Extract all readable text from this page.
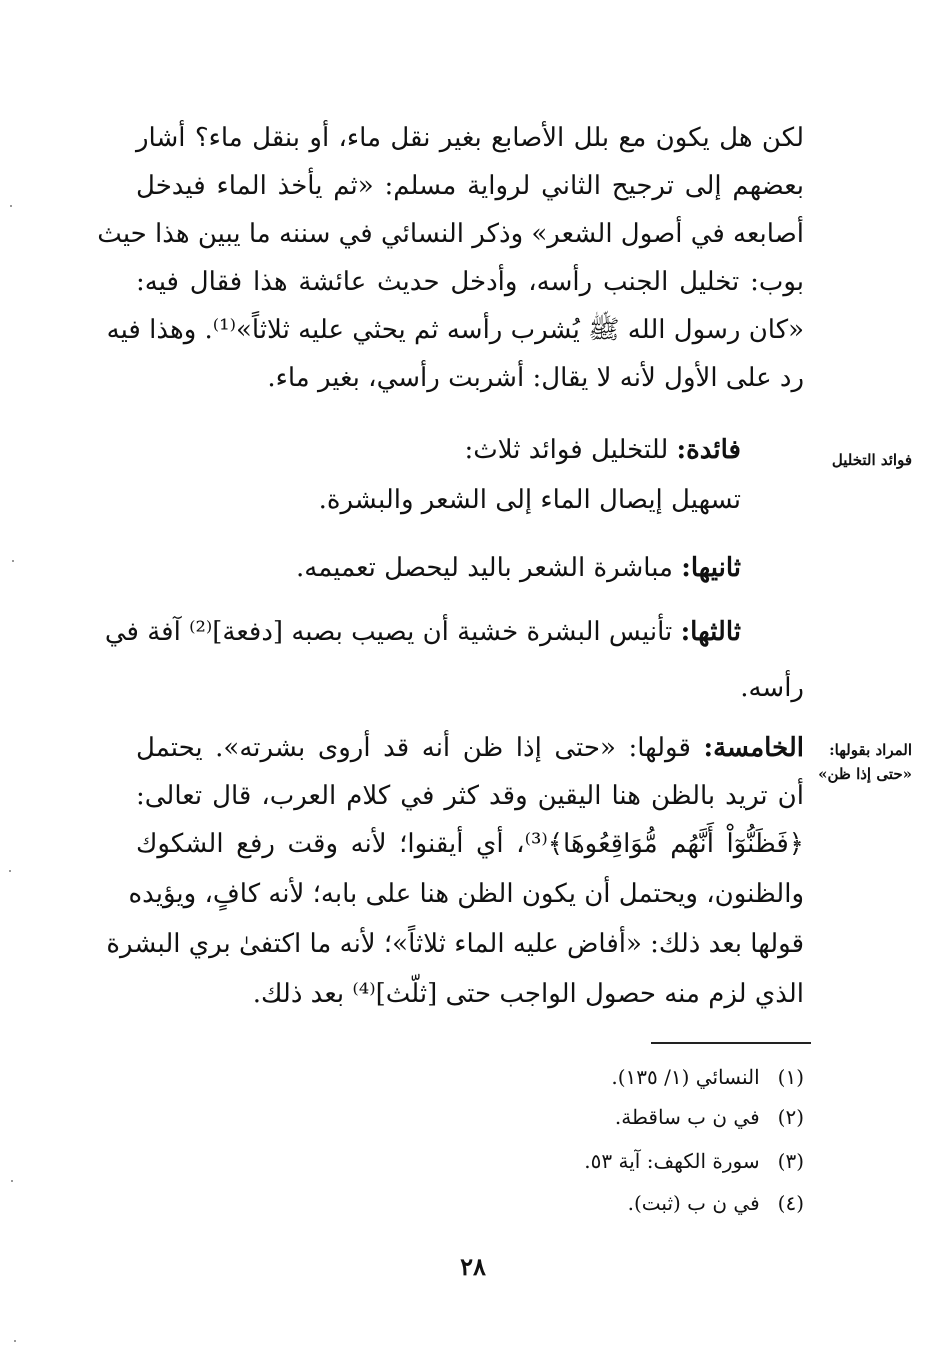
لكن هل يكون مع بلل الأصابع بغير نقل ماء، أو بنقل ماء؟ أشار
بعضهم إلى ترجيح الثاني لرواية مسلم: «ثم يأخذ الماء فيدخل
أصابعه في أصول الشعر» وذكر النسائي في سننه ما يبين هذا حيث
بوب: تخليل الجنب رأسه، وأدخل حديث عائشة هذا فقال فيه:
«كان رسول الله ﷺ يُشرب رأسه ثم يحثي عليه ثلاثاً»⁽¹⁾. وهذا فيه
رد على الأول لأنه لا يقال: أشربت رأسي، بغير ماء.
فوائد التخليل
فائدة: للتخليل فوائد ثلاث:
تسهيل إيصال الماء إلى الشعر والبشرة.
ثانيها: مباشرة الشعر باليد ليحصل تعميمه.
ثالثها: تأنيس البشرة خشية أن يصيب بصبه [دفعة]⁽²⁾ آفة في
رأسه.
المراد بقولها:
«حتى إذا ظن»
الخامسة: قولها: «حتى إذا ظن أنه قد أروى بشرته». يحتمل
أن تريد بالظن هنا اليقين وقد كثر في كلام العرب، قال تعالى:
﴿فَظَنُّوٓاْ أَنَّهُم مُّوَاقِعُوهَا﴾⁽³⁾، أي أيقنوا؛ لأنه وقت رفع الشكوك
والظنون، ويحتمل أن يكون الظن هنا على بابه؛ لأنه كافٍ، ويؤيده
قولها بعد ذلك: «أفاض عليه الماء ثلاثاً»؛ لأنه ما اكتفىٰ بري البشرة
الذي لزم منه حصول الواجب حتى [ثلّث]⁽⁴⁾ بعد ذلك.
(١) النسائي (١/ ١٣٥).
(٢) في ن ب ساقطة.
(٣) سورة الكهف: آية ٥٣.
(٤) في ن ب (ثبت).
٢٨
